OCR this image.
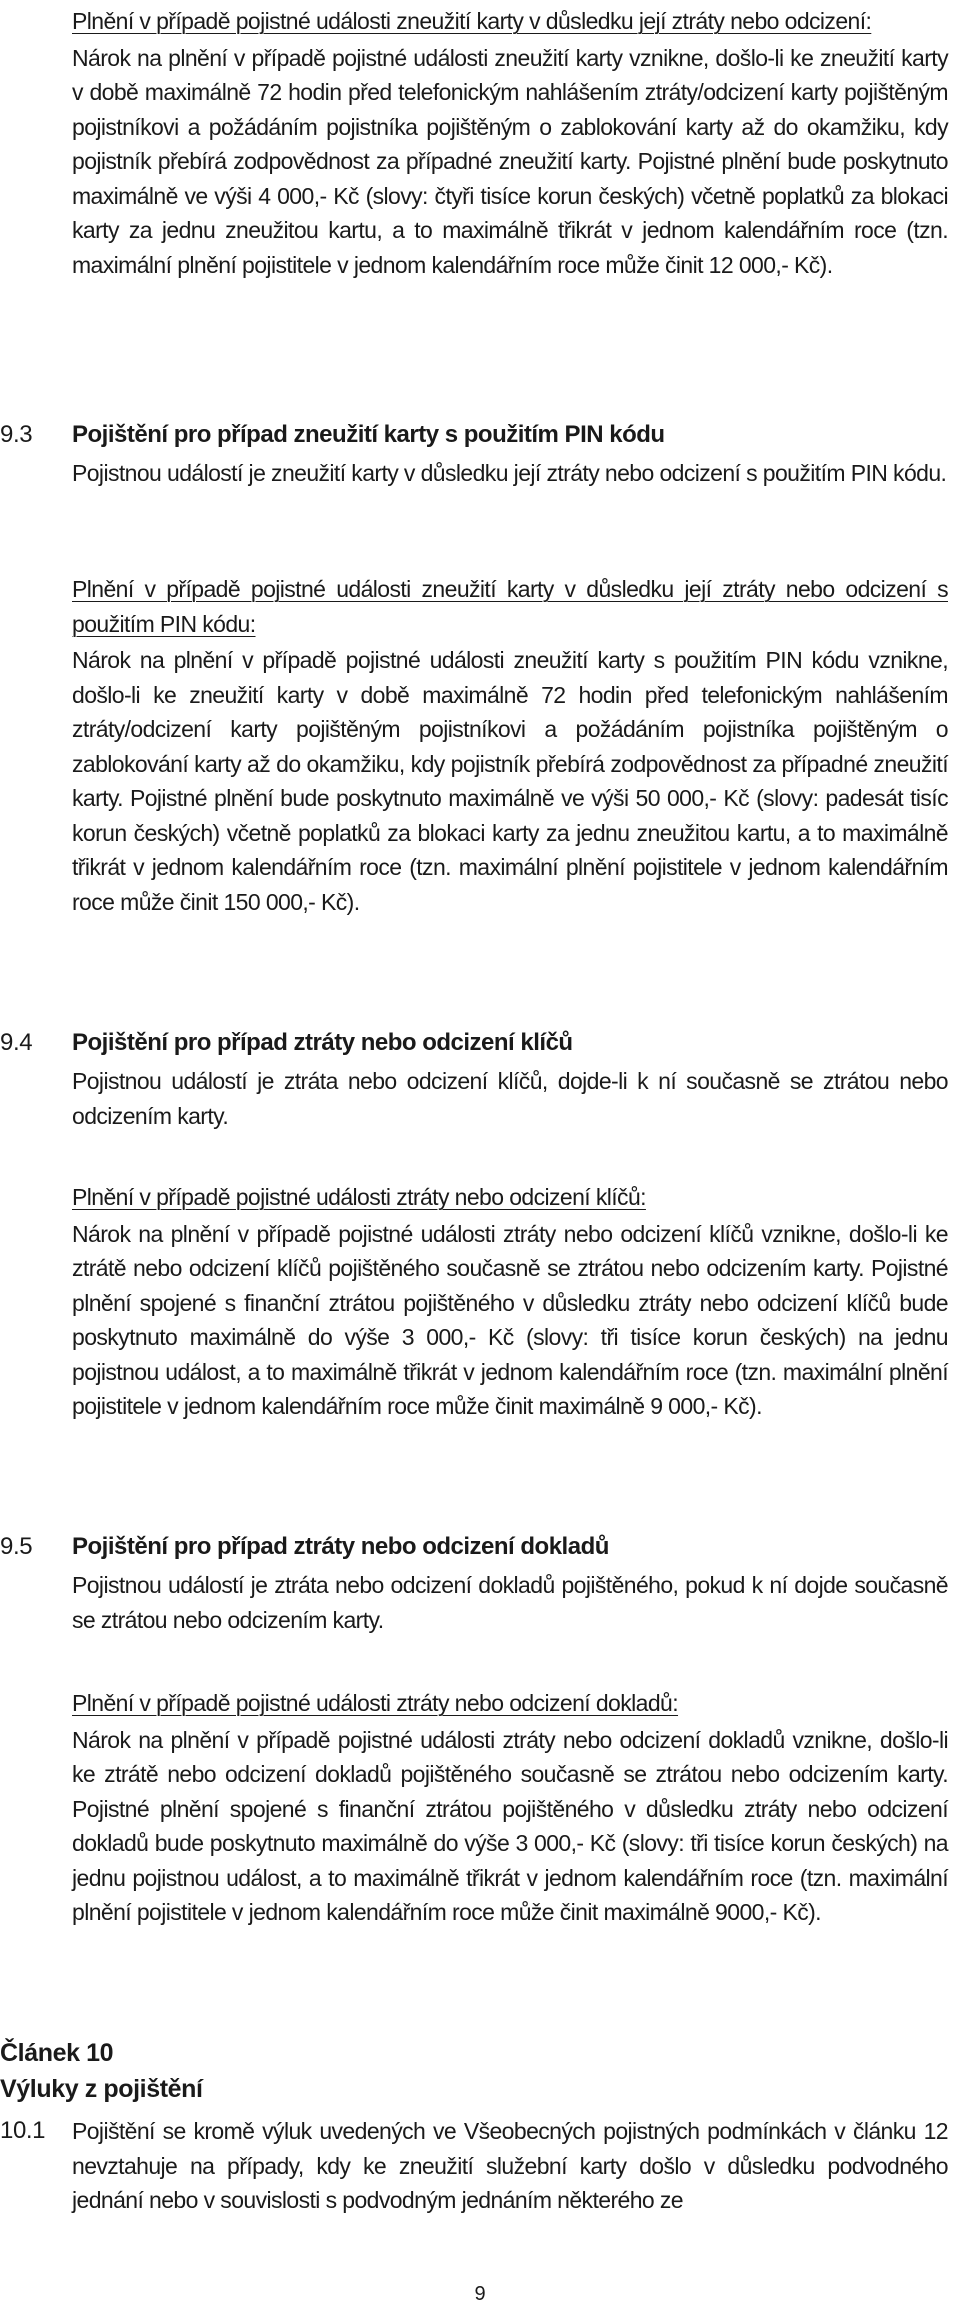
Plnění v případě pojistné události zneužití karty v důsledku její ztráty nebo odcizení:

Nárok na plnění v případě pojistné události zneužití karty vznikne, došlo-li ke zneužití karty v době maximálně 72 hodin před telefonickým nahlášením ztráty/odcizení karty pojištěným pojistníkovi a požádáním pojistníka pojištěným o zablokování karty až do okamžiku, kdy pojistník přebírá zodpovědnost za případné zneužití karty. Pojistné plnění bude poskytnuto maximálně ve výši 4 000,- Kč (slovy: čtyři tisíce korun českých) včetně poplatků za blokaci karty za jednu zneužitou kartu, a to maximálně třikrát v jednom kalendářním roce (tzn. maximální plnění pojistitele v jednom kalendářním roce může činit 12 000,- Kč).

9.3 Pojištění pro případ zneužití karty s použitím PIN kódu

Pojistnou událostí je zneužití karty v důsledku její ztráty nebo odcizení s použitím PIN kódu.

Plnění v případě pojistné události zneužití karty v důsledku její ztráty nebo odcizení s použitím PIN kódu:

Nárok na plnění v případě pojistné události zneužití karty s použitím PIN kódu vznikne, došlo-li ke zneužití karty v době maximálně 72 hodin před telefonickým nahlášením ztráty/odcizení karty pojištěným pojistníkovi a požádáním pojistníka pojištěným o zablokování karty až do okamžiku, kdy pojistník přebírá zodpovědnost za případné zneužití karty. Pojistné plnění bude poskytnuto maximálně ve výši 50 000,- Kč (slovy: padesát tisíc korun českých) včetně poplatků za blokaci karty za jednu zneužitou kartu, a to maximálně třikrát v jednom kalendářním roce (tzn. maximální plnění pojistitele v jednom kalendářním roce může činit 150 000,- Kč).

9.4 Pojištění pro případ ztráty nebo odcizení klíčů

Pojistnou událostí je ztráta nebo odcizení klíčů, dojde-li k ní současně se ztrátou nebo odcizením karty.

Plnění v případě pojistné události ztráty nebo odcizení klíčů:

Nárok na plnění v případě pojistné události ztráty nebo odcizení klíčů vznikne, došlo-li ke ztrátě nebo odcizení klíčů pojištěného současně se ztrátou nebo odcizením karty. Pojistné plnění spojené s finanční ztrátou pojištěného v důsledku ztráty nebo odcizení klíčů bude poskytnuto maximálně do výše 3 000,- Kč (slovy: tři tisíce korun českých) na jednu pojistnou událost, a to maximálně třikrát v jednom kalendářním roce (tzn. maximální plnění pojistitele v jednom kalendářním roce může činit maximálně 9 000,- Kč).

9.5 Pojištění pro případ ztráty nebo odcizení dokladů

Pojistnou událostí je ztráta nebo odcizení dokladů pojištěného, pokud k ní dojde současně se ztrátou nebo odcizením karty.

Plnění v případě pojistné události ztráty nebo odcizení dokladů:

Nárok na plnění v případě pojistné události ztráty nebo odcizení dokladů vznikne, došlo-li ke ztrátě nebo odcizení dokladů pojištěného současně se ztrátou nebo odcizením karty. Pojistné plnění spojené s finanční ztrátou pojištěného v důsledku ztráty nebo odcizení dokladů bude poskytnuto maximálně do výše 3 000,- Kč (slovy: tři tisíce korun českých) na jednu pojistnou událost, a to maximálně třikrát v jednom kalendářním roce (tzn. maximální plnění pojistitele v jednom kalendářním roce může činit maximálně 9000,- Kč).

Článek 10
Výluky z pojištění
10.1 Pojištění se kromě výluk uvedených ve Všeobecných pojistných podmínkách v článku 12 nevztahuje na případy, kdy ke zneužití služební karty došlo v důsledku podvodného jednání nebo v souvislosti s podvodným jednáním některého ze

9
